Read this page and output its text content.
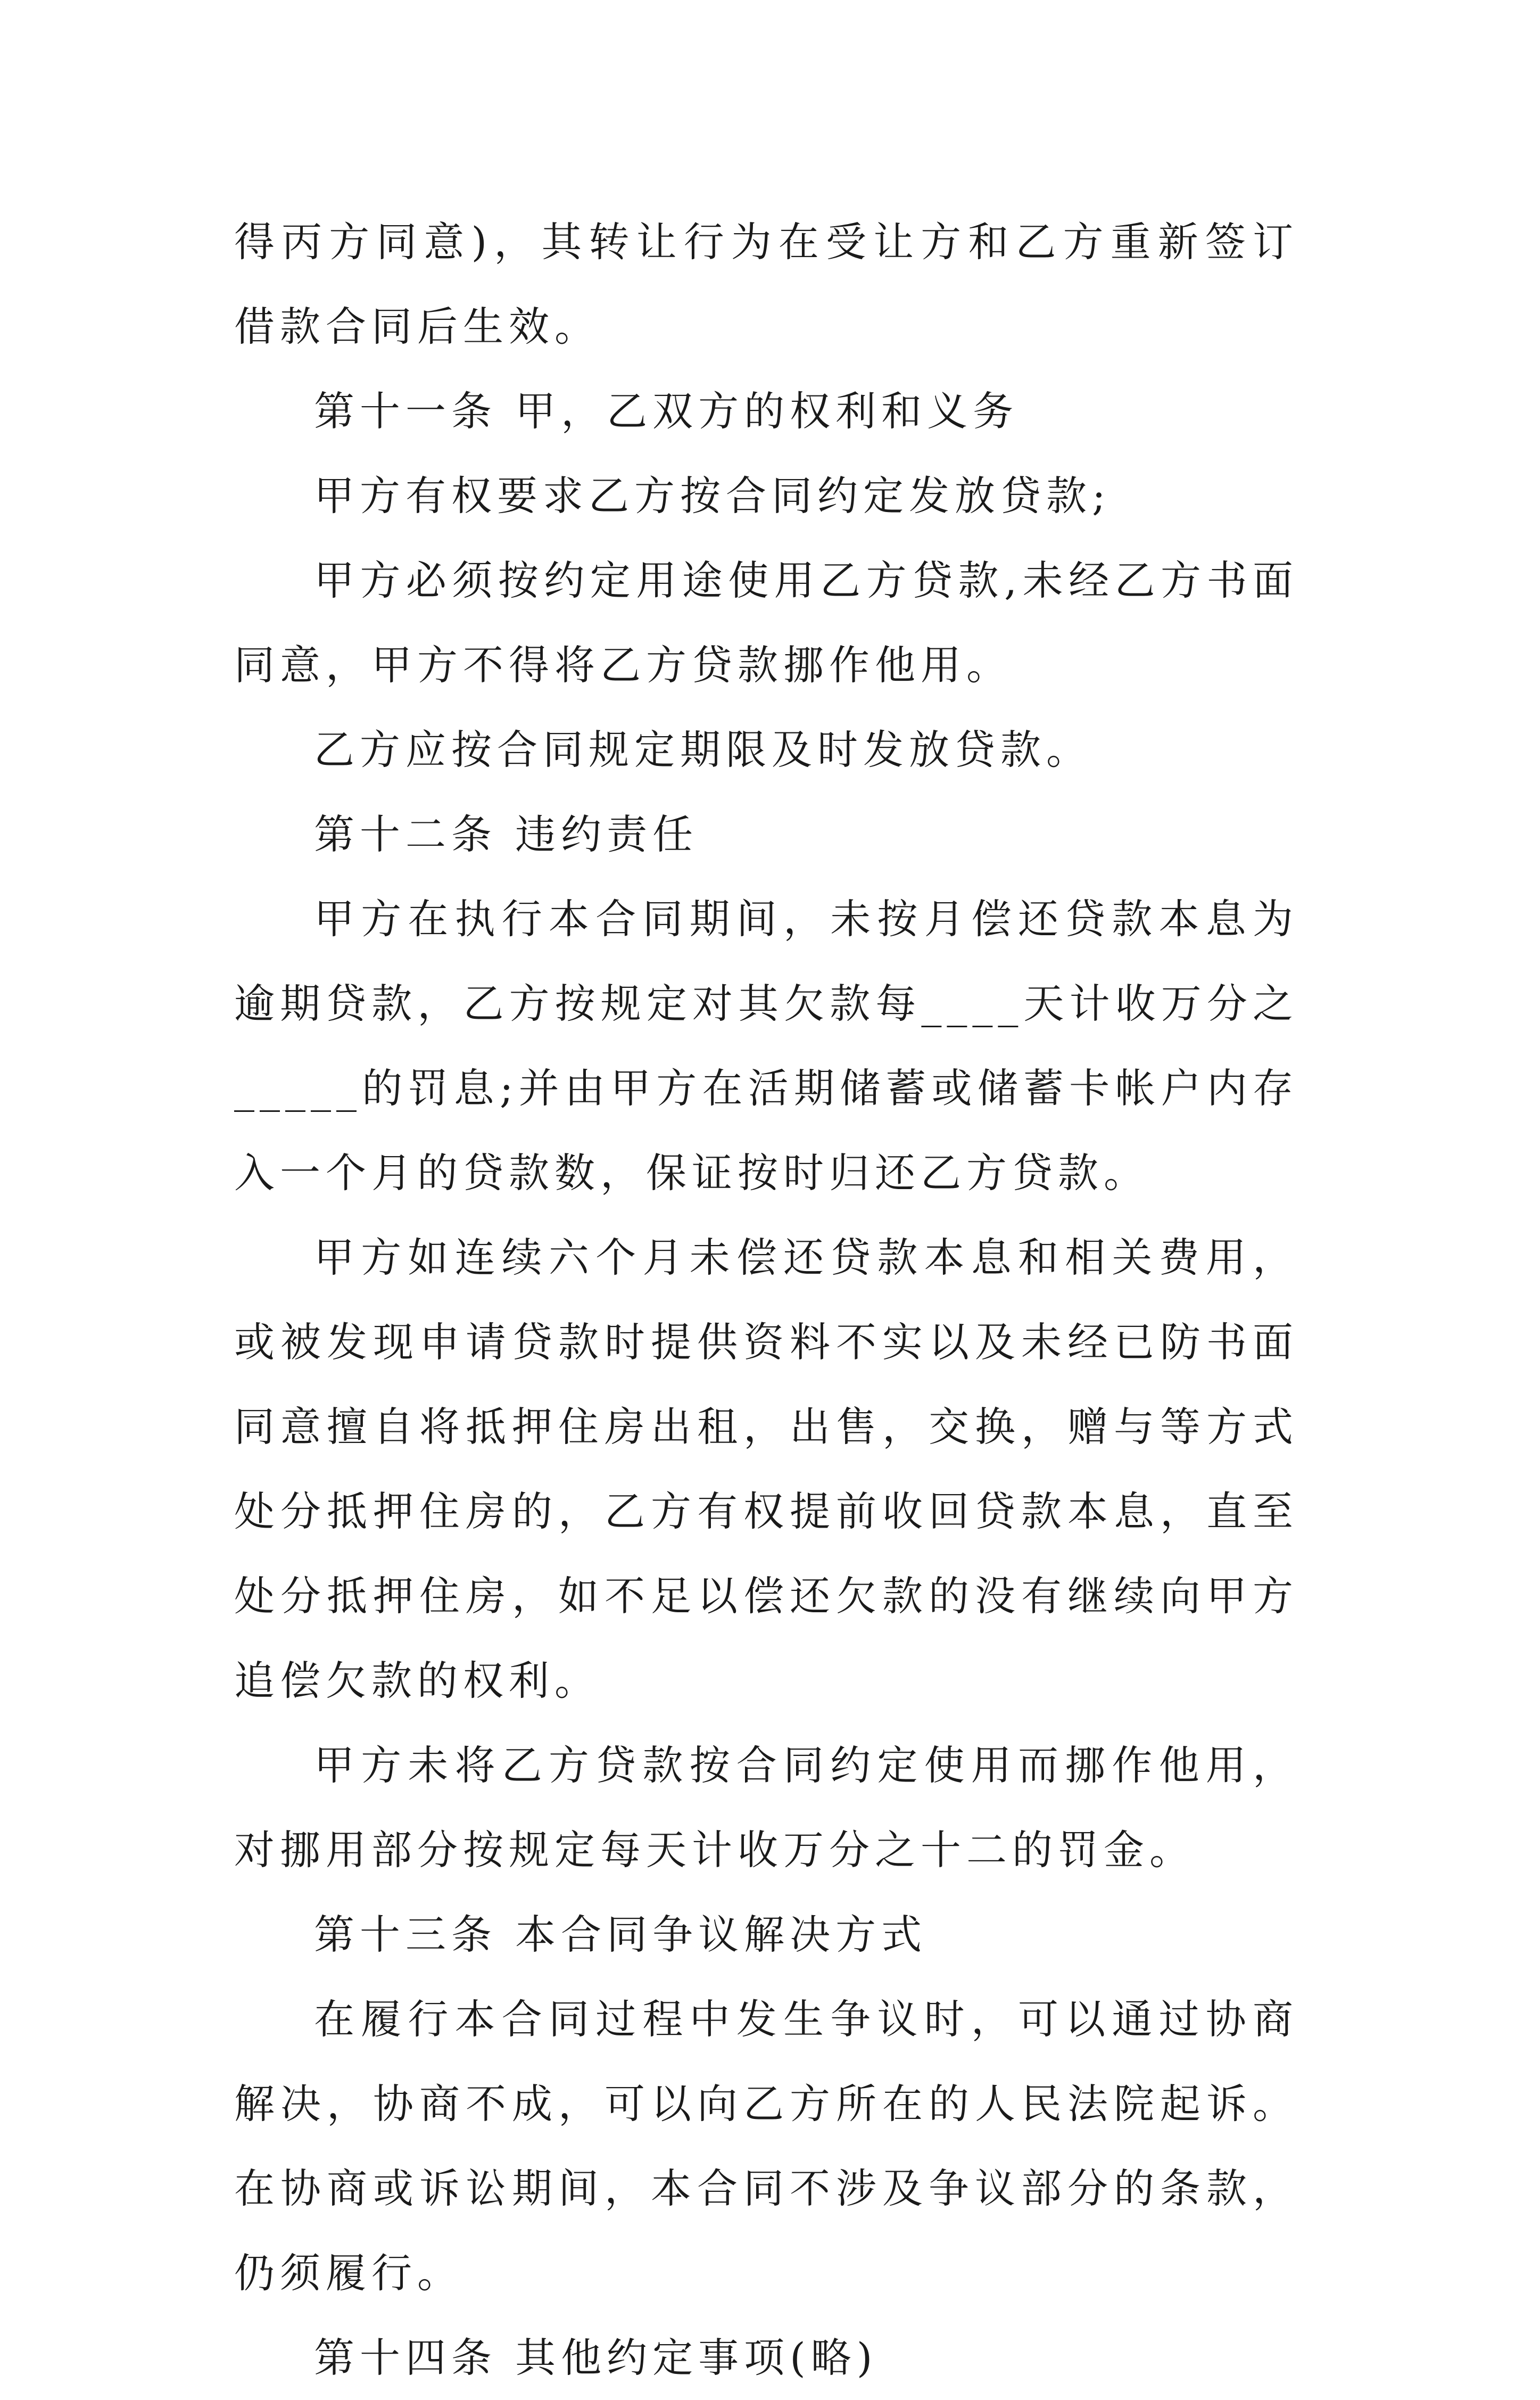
得丙方同意)，其转让行为在受让方和乙方重新签订借款合同后生效。

第十一条 甲，乙双方的权利和义务

甲方有权要求乙方按合同约定发放贷款;

甲方必须按约定用途使用乙方贷款,未经乙方书面同意，甲方不得将乙方贷款挪作他用。

乙方应按合同规定期限及时发放贷款。

第十二条 违约责任

甲方在执行本合同期间，未按月偿还贷款本息为逾期贷款，乙方按规定对其欠款每____天计收万分之_____的罚息;并由甲方在活期储蓄或储蓄卡帐户内存入一个月的贷款数，保证按时归还乙方贷款。

甲方如连续六个月未偿还贷款本息和相关费用，或被发现申请贷款时提供资料不实以及未经已防书面同意擅自将抵押住房出租，出售，交换，赠与等方式处分抵押住房的，乙方有权提前收回贷款本息，直至处分抵押住房，如不足以偿还欠款的没有继续向甲方追偿欠款的权利。

甲方未将乙方贷款按合同约定使用而挪作他用，对挪用部分按规定每天计收万分之十二的罚金。

第十三条 本合同争议解决方式

在履行本合同过程中发生争议时，可以通过协商解决，协商不成，可以向乙方所在的人民法院起诉。在协商或诉讼期间，本合同不涉及争议部分的条款，仍须履行。

第十四条 其他约定事项(略)
